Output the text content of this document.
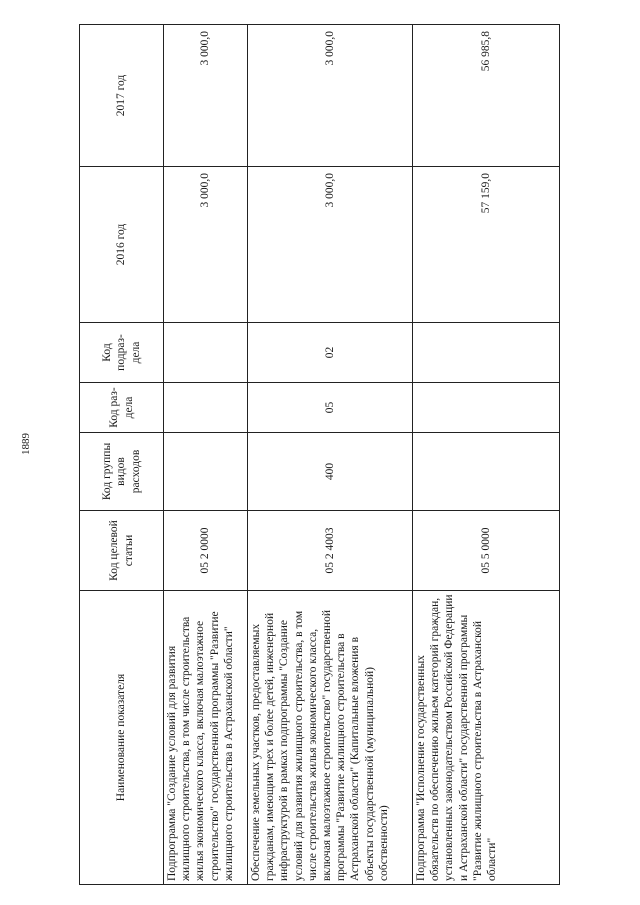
1889
Наименование показателя	Код целевой статьи	Код группы видов расходов	Код раз-дела	Код подраз-дела	2016 год	2017 год
Подпрограмма "Создание условий для развития жилищного строительства, в том числе строительства жилья экономического класса, включая малоэтажное строительство" государственной программы "Развитие жилищного строительства в Астраханской области"	05 2 0000				3 000,0	3 000,0
Обеспечение земельных участков, предоставляемых гражданам, имеющим трех и более детей, инженерной инфраструктурой в рамках подпрограммы "Создание условий для развития жилищного строительства, в том числе строительства жилья экономического класса, включая малоэтажное строительство" государственной программы "Развитие жилищного строительства в Астраханской области" (Капитальные вложения в объекты государственной (муниципальной) собственности)	05 2 4003	400	05	02	3 000,0	3 000,0
Подпрограмма "Исполнение государственных обязательств по обеспечению жильем категорий граждан, установленных законодательством Российской Федерации и Астраханской области" государственной программы "Развитие жилищного строительства в Астраханской области"	05 5 0000				57 159,0	56 985,8
